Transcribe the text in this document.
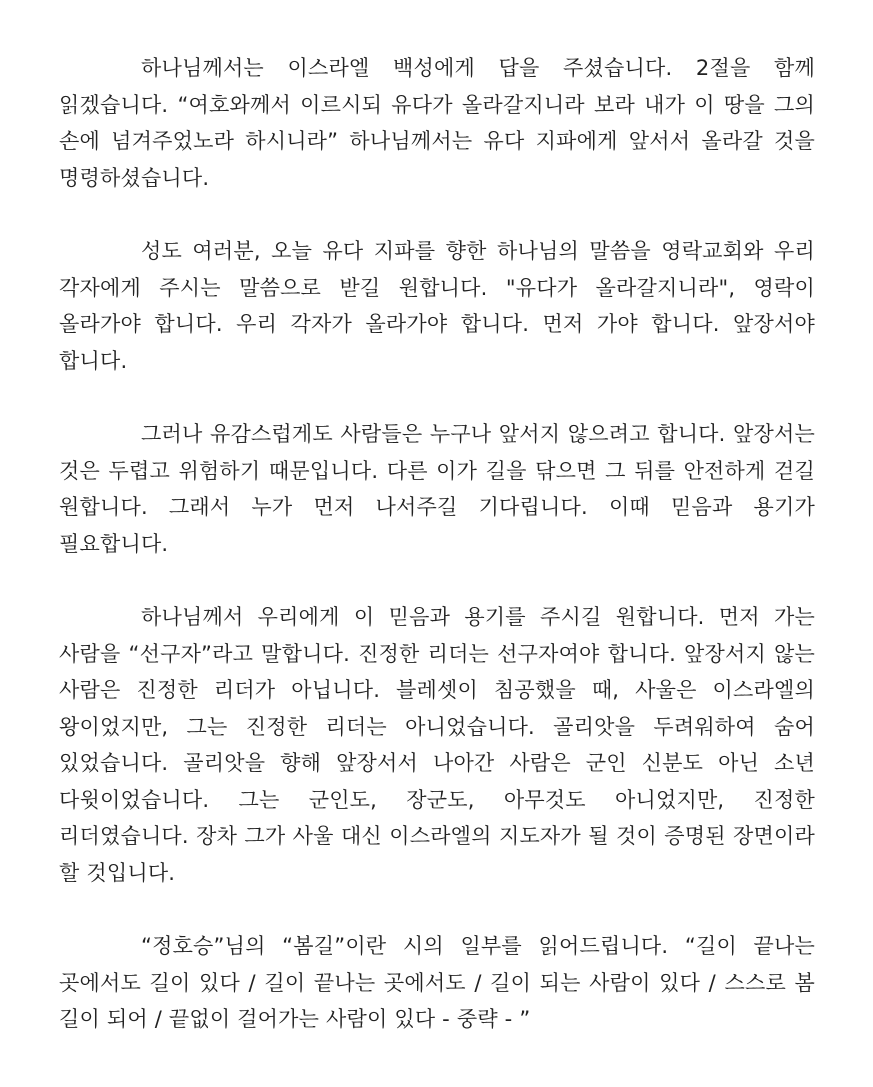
하나님께서는 이스라엘 백성에게 답을 주셨습니다. 2절을 함께 읽겠습니다. “여호와께서 이르시되 유다가 올라갈지니라 보라 내가 이 땅을 그의 손에 넘겨주었노라 하시니라” 하나님께서는 유다 지파에게 앞서서 올라갈 것을 명령하셨습니다.

성도 여러분, 오늘 유다 지파를 향한 하나님의 말씀을 영락교회와 우리 각자에게 주시는 말씀으로 받길 원합니다. "유다가 올라갈지니라", 영락이 올라가야 합니다. 우리 각자가 올라가야 합니다. 먼저 가야 합니다. 앞장서야 합니다.

그러나 유감스럽게도 사람들은 누구나 앞서지 않으려고 합니다. 앞장서는 것은 두렵고 위험하기 때문입니다. 다른 이가 길을 닦으면 그 뒤를 안전하게 걷길 원합니다. 그래서 누가 먼저 나서주길 기다립니다. 이때 믿음과 용기가 필요합니다.

하나님께서 우리에게 이 믿음과 용기를 주시길 원합니다. 먼저 가는 사람을 “선구자”라고 말합니다. 진정한 리더는 선구자여야 합니다. 앞장서지 않는 사람은 진정한 리더가 아닙니다. 블레셋이 침공했을 때, 사울은 이스라엘의 왕이었지만, 그는 진정한 리더는 아니었습니다. 골리앗을 두려워하여 숨어 있었습니다. 골리앗을 향해 앞장서서 나아간 사람은 군인 신분도 아닌 소년 다윗이었습니다. 그는 군인도, 장군도, 아무것도 아니었지만, 진정한 리더였습니다. 장차 그가 사울 대신 이스라엘의 지도자가 될 것이 증명된 장면이라 할 것입니다.

“정호승”님의 “봄길”이란 시의 일부를 읽어드립니다. “길이 끝나는 곳에서도 길이 있다 / 길이 끝나는 곳에서도 / 길이 되는 사람이 있다 / 스스로 봄 길이 되어 / 끝없이 걸어가는 사람이 있다 - 중략 - ”
